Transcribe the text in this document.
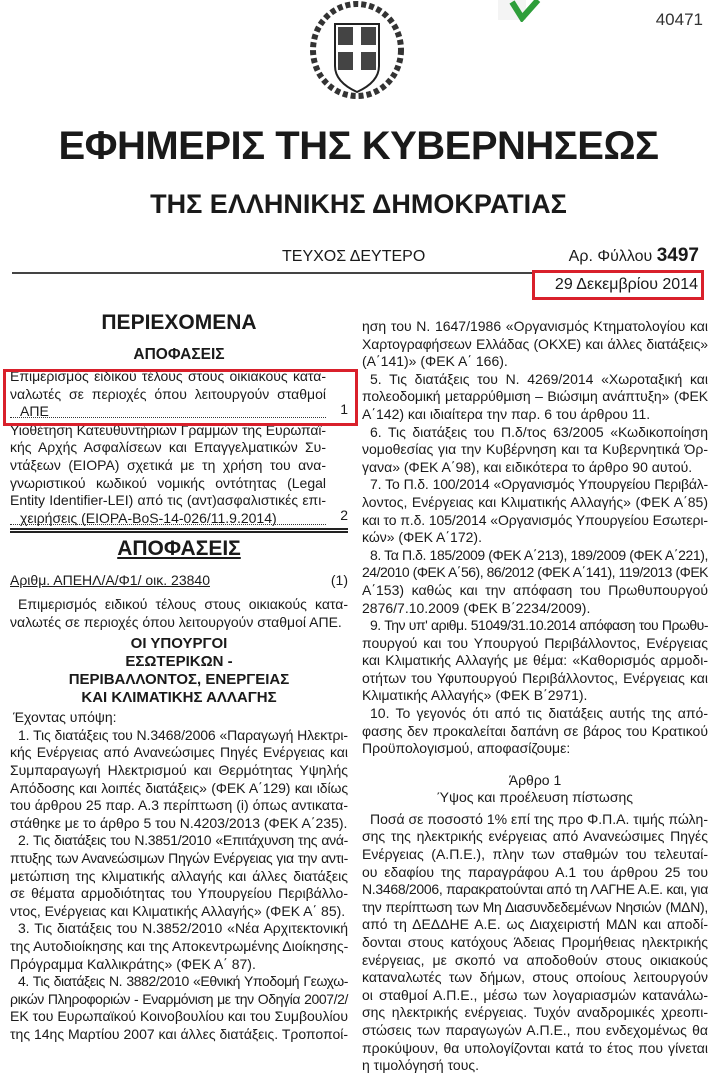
40471
ΕΦΗΜΕΡΙΣ ΤΗΣ ΚΥΒΕΡΝΗΣΕΩΣ
ΤΗΣ ΕΛΛΗΝΙΚΗΣ ΔΗΜΟΚΡΑΤΙΑΣ
ΤΕΥΧΟΣ ΔΕΥΤΕΡΟ	Αρ. Φύλλου 3497
29 Δεκεμβρίου 2014
ΠΕΡΙΕΧΟΜΕΝΑ
ΑΠΟΦΑΣΕΙΣ
Επιμερισμός ειδικού τέλους στους οικιακούς κατα-
ναλωτές σε περιοχές όπου λειτουργούν σταθμοί
ΑΠΕ	1
Υιοθέτηση Κατευθυντήριων Γραμμών της Ευρωπαϊ-
κής Αρχής Ασφαλίσεων και Επαγγελματικών Συ-
ντάξεων (EIOPA) σχετικά με τη χρήση του ανα-
γνωριστικού κωδικού νομικής οντότητας (Legal
Entity Identifier-LEI) από τις (αντ)ασφαλιστικές επι-
χειρήσεις (EIOPA-BoS-14-026/11.9.2014)	2
ΑΠΟΦΑΣΕΙΣ
Αριθμ. ΑΠΕΗΛ/Α/Φ1/ οικ. 23840	(1)
Επιμερισμός ειδικού τέλους στους οικιακούς κατα-
ναλωτές σε περιοχές όπου λειτουργούν σταθμοί ΑΠΕ.
ΟΙ ΥΠΟΥΡΓΟΙ
ΕΣΩΤΕΡΙΚΩΝ -
ΠΕΡΙΒΑΛΛΟΝΤΟΣ, ΕΝΕΡΓΕΙΑΣ
ΚΑΙ ΚΛΙΜΑΤΙΚΗΣ ΑΛΛΑΓΗΣ
Έχοντας υπόψη:
1. Τις διατάξεις του Ν.3468/2006 «Παραγωγή Ηλεκτρι-
κής Ενέργειας από Ανανεώσιμες Πηγές Ενέργειας και
Συμπαραγωγή Ηλεκτρισμού και Θερμότητας Υψηλής
Απόδοσης και λοιπές διατάξεις» (ΦΕΚ Α΄129) και ιδίως
του άρθρου 25 παρ. Α.3 περίπτωση (i) όπως αντικατα-
στάθηκε με το άρθρο 5 του Ν.4203/2013 (ΦΕΚ Α΄235).
2. Τις διατάξεις του Ν.3851/2010 «Επιτάχυνση της ανά-
πτυξης των Ανανεώσιμων Πηγών Ενέργειας για την αντι-
μετώπιση της κλιματικής αλλαγής και άλλες διατάξεις
σε θέματα αρμοδιότητας του Υπουργείου Περιβάλλο-
ντος, Ενέργειας και Κλιματικής Αλλαγής» (ΦΕΚ Α΄ 85).
3. Τις διατάξεις του Ν.3852/2010 «Νέα Αρχιτεκτονική
της Αυτοδιοίκησης και της Αποκεντρωμένης Διοίκησης-
Πρόγραμμα Καλλικράτης» (ΦΕΚ Α΄ 87).
4. Τις διατάξεις Ν. 3882/2010 «Εθνική Υποδομή Γεωχω-
ρικών Πληροφοριών - Εναρμόνιση με την Οδηγία 2007/2/
ΕΚ του Ευρωπαϊκού Κοινοβουλίου και του Συμβουλίου
της 14ης Μαρτίου 2007 και άλλες διατάξεις. Τροποποί-
ηση του Ν. 1647/1986 «Οργανισμός Κτηματολογίου και
Χαρτογραφήσεων Ελλάδας (ΟΚΧΕ) και άλλες διατάξεις»
(Α΄141)» (ΦΕΚ Α΄ 166).
5. Τις διατάξεις του Ν. 4269/2014 «Χωροταξική και
πολεοδομική μεταρρύθμιση – Βιώσιμη ανάπτυξη» (ΦΕΚ
Α΄142) και ιδιαίτερα την παρ. 6 του άρθρου 11.
6. Τις διατάξεις του Π.δ/τος 63/2005 «Κωδικοποίηση
νομοθεσίας για την Κυβέρνηση και τα Κυβερνητικά Όρ-
γανα» (ΦΕΚ Α΄98), και ειδικότερα το άρθρο 90 αυτού.
7. Το Π.δ. 100/2014 «Οργανισμός Υπουργείου Περιβάλ-
λοντος, Ενέργειας και Κλιματικής Αλλαγής» (ΦΕΚ Α΄85)
και το π.δ. 105/2014 «Οργανισμός Υπουργείου Εσωτερι-
κών» (ΦΕΚ Α΄172).
8. Τα Π.δ. 185/2009 (ΦΕΚ Α΄213), 189/2009 (ΦΕΚ Α΄221),
24/2010 (ΦΕΚ Α΄56), 86/2012 (ΦΕΚ Α΄141), 119/2013 (ΦΕΚ
Α΄153) καθώς και την απόφαση του Πρωθυπουργού
2876/7.10.2009 (ΦΕΚ Β΄2234/2009).
9. Την υπ' αριθμ. 51049/31.10.2014 απόφαση του Πρωθυ-
πουργού και του Υπουργού Περιβάλλοντος, Ενέργειας
και Κλιματικής Αλλαγής με θέμα: «Καθορισμός αρμοδι-
οτήτων του Υφυπουργού Περιβάλλοντος, Ενέργειας και
Κλιματικής Αλλαγής» (ΦΕΚ Β΄2971).
10. Το γεγονός ότι από τις διατάξεις αυτής της από-
φασης δεν προκαλείται δαπάνη σε βάρος του Κρατικού
Προϋπολογισμού, αποφασίζουμε:
Άρθρο 1
Ύψος και προέλευση πίστωσης
Ποσά σε ποσοστό 1% επί της προ Φ.Π.Α. τιμής πώλη-
σης της ηλεκτρικής ενέργειας από Ανανεώσιμες Πηγές
Ενέργειας (Α.Π.Ε.), πλην των σταθμών του τελευταί-
ου εδαφίου της παραγράφου Α.1 του άρθρου 25 του
Ν.3468/2006, παρακρατούνται από τη ΛΑΓΗΕ Α.Ε. και, για
την περίπτωση των Μη Διασυνδεδεμένων Νησιών (ΜΔΝ),
από τη ΔΕΔΔΗΕ Α.Ε. ως Διαχειριστή ΜΔΝ και αποδί-
δονται στους κατόχους Άδειας Προμήθειας ηλεκτρικής
ενέργειας, με σκοπό να αποδοθούν στους οικιακούς
καταναλωτές των δήμων, στους οποίους λειτουργούν
οι σταθμοί Α.Π.Ε., μέσω των λογαριασμών κατανάλω-
σης ηλεκτρικής ενέργειας. Τυχόν αναδρομικές χρεοπι-
στώσεις των παραγωγών Α.Π.Ε., που ενδεχομένως θα
προκύψουν, θα υπολογίζονται κατά το έτος που γίνεται
η τιμολόγησή τους.
